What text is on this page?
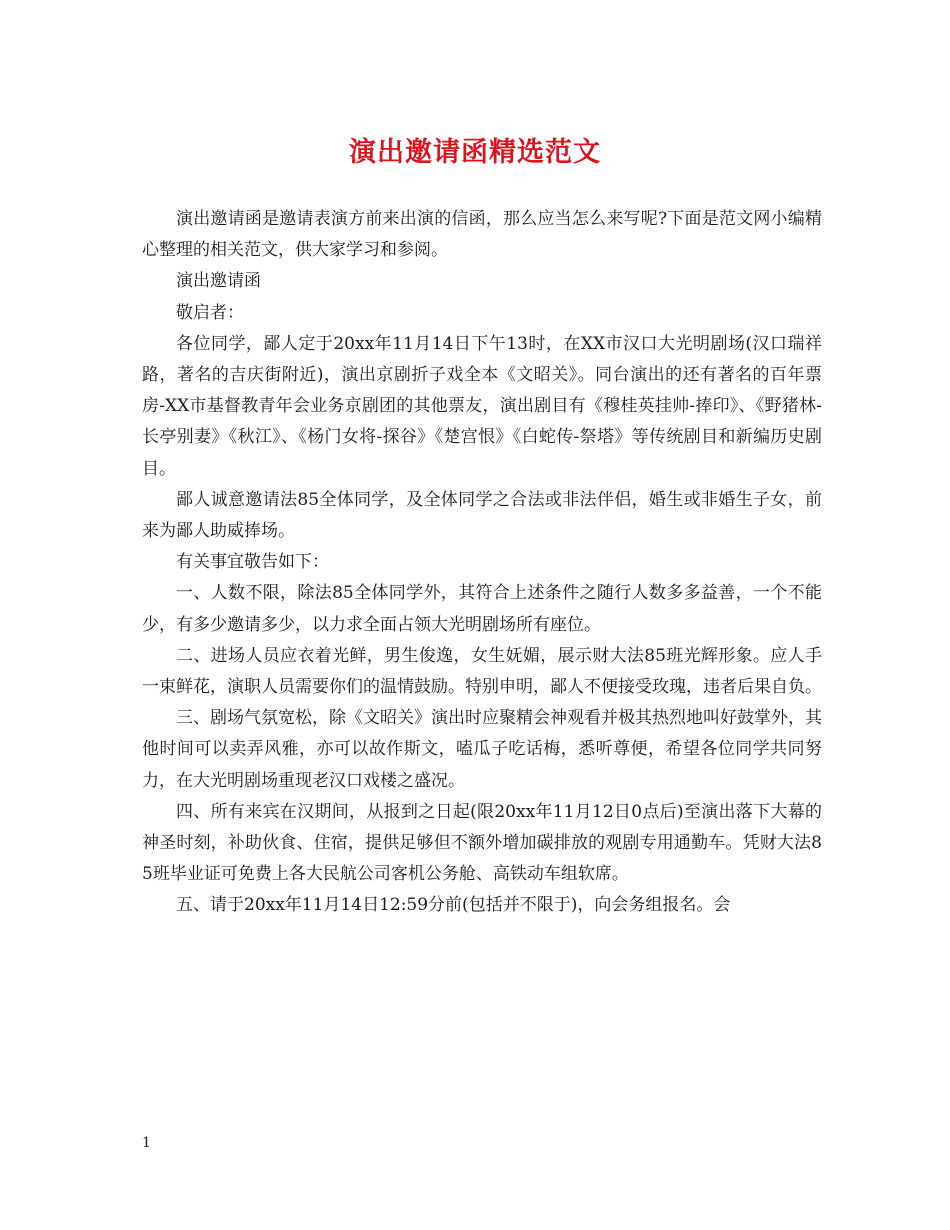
演出邀请函精选范文

演出邀请函是邀请表演方前来出演的信函，那么应当怎么来写呢?下面是范文网小编精心整理的相关范文，供大家学习和参阅。

演出邀请函

敬启者：

各位同学，鄙人定于20xx年11月14日下午13时，在XX市汉口大光明剧场(汉口瑞祥路，著名的吉庆街附近)，演出京剧折子戏全本《文昭关》。同台演出的还有著名的百年票房-XX市基督教青年会业务京剧团的其他票友，演出剧目有《穆桂英挂帅-捧印》、《野猪林-长亭别妻》《秋江》、《杨门女将-探谷》《楚宫恨》《白蛇传-祭塔》等传统剧目和新编历史剧目。

鄙人诚意邀请法85全体同学，及全体同学之合法或非法伴侣，婚生或非婚生子女，前来为鄙人助威捧场。

有关事宜敬告如下：

一、人数不限，除法85全体同学外，其符合上述条件之随行人数多多益善，一个不能少，有多少邀请多少，以力求全面占领大光明剧场所有座位。

二、进场人员应衣着光鲜，男生俊逸，女生妩媚，展示财大法85班光辉形象。应人手一束鲜花，演职人员需要你们的温情鼓励。特别申明，鄙人不便接受玫瑰，违者后果自负。

三、剧场气氛宽松，除《文昭关》演出时应聚精会神观看并极其热烈地叫好鼓掌外，其他时间可以卖弄风雅，亦可以故作斯文，嗑瓜子吃话梅，悉听尊便，希望各位同学共同努力，在大光明剧场重现老汉口戏楼之盛况。

四、所有来宾在汉期间，从报到之日起(限20xx年11月12日0点后)至演出落下大幕的神圣时刻，补助伙食、住宿，提供足够但不额外增加碳排放的观剧专用通勤车。凭财大法85班毕业证可免费上各大民航公司客机公务舱、高铁动车组软席。

五、请于20xx年11月14日12:59分前(包括并不限于)，向会务组报名。会

1
